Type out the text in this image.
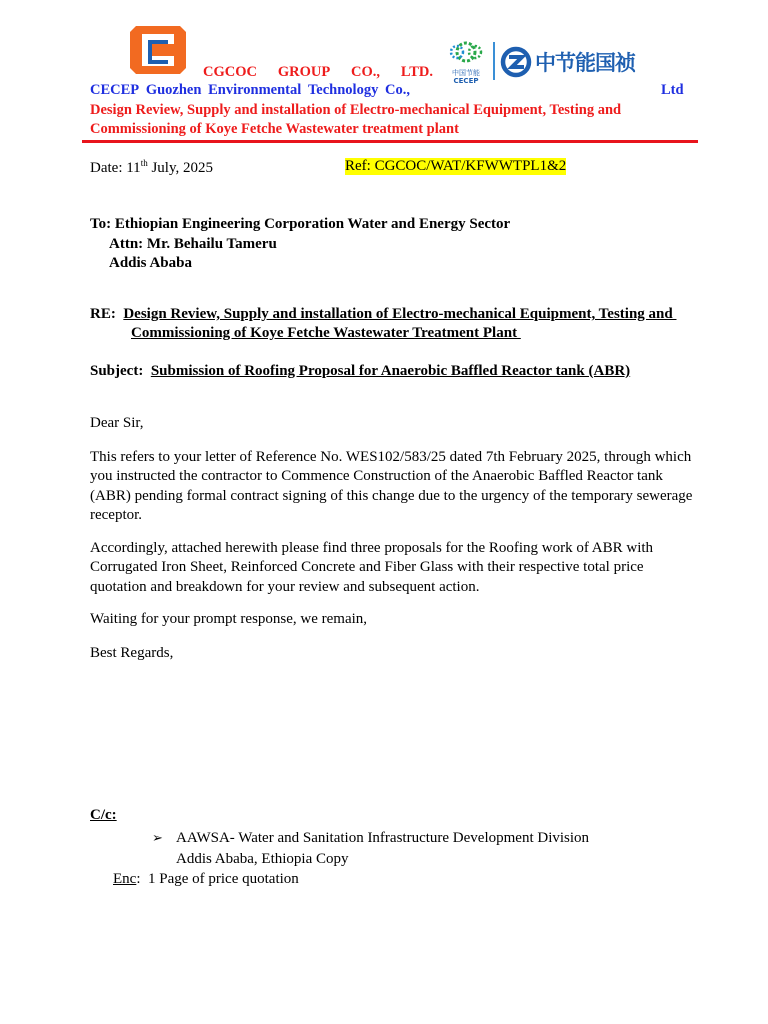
CGCOC GROUP CO., LTD.	中国节能
CECEP
中节能国祯
CECEP Guozhen Environmental Technology Co.,	Ltd
Design Review, Supply and installation of Electro-mechanical Equipment, Testing and Commissioning of Koye Fetche Wastewater treatment plant
Date: 11th July, 2025	Ref: CGCOC/WAT/KFWWTPL1&2
To: Ethiopian Engineering Corporation Water and Energy Sector
Attn: Mr. Behailu Tameru
Addis Ababa
RE: Design Review, Supply and installation of Electro-mechanical Equipment, Testing and
Commissioning of Koye Fetche Wastewater Treatment Plant
Subject: Submission of Roofing Proposal for Anaerobic Baffled Reactor tank (ABR)
Dear Sir,
This refers to your letter of Reference No. WES102/583/25 dated 7th February 2025, through which you instructed the contractor to Commence Construction of the Anaerobic Baffled Reactor tank (ABR) pending formal contract signing of this change due to the urgency of the temporary sewerage receptor.
Accordingly, attached herewith please find three proposals for the Roofing work of ABR with Corrugated Iron Sheet, Reinforced Concrete and Fiber Glass with their respective total price quotation and breakdown for your review and subsequent action.
Waiting for your prompt response, we remain,
Best Regards,
C/c:
➢ AAWSA- Water and Sanitation Infrastructure Development Division
Addis Ababa, Ethiopia Copy
Enc:  1 Page of price quotation
